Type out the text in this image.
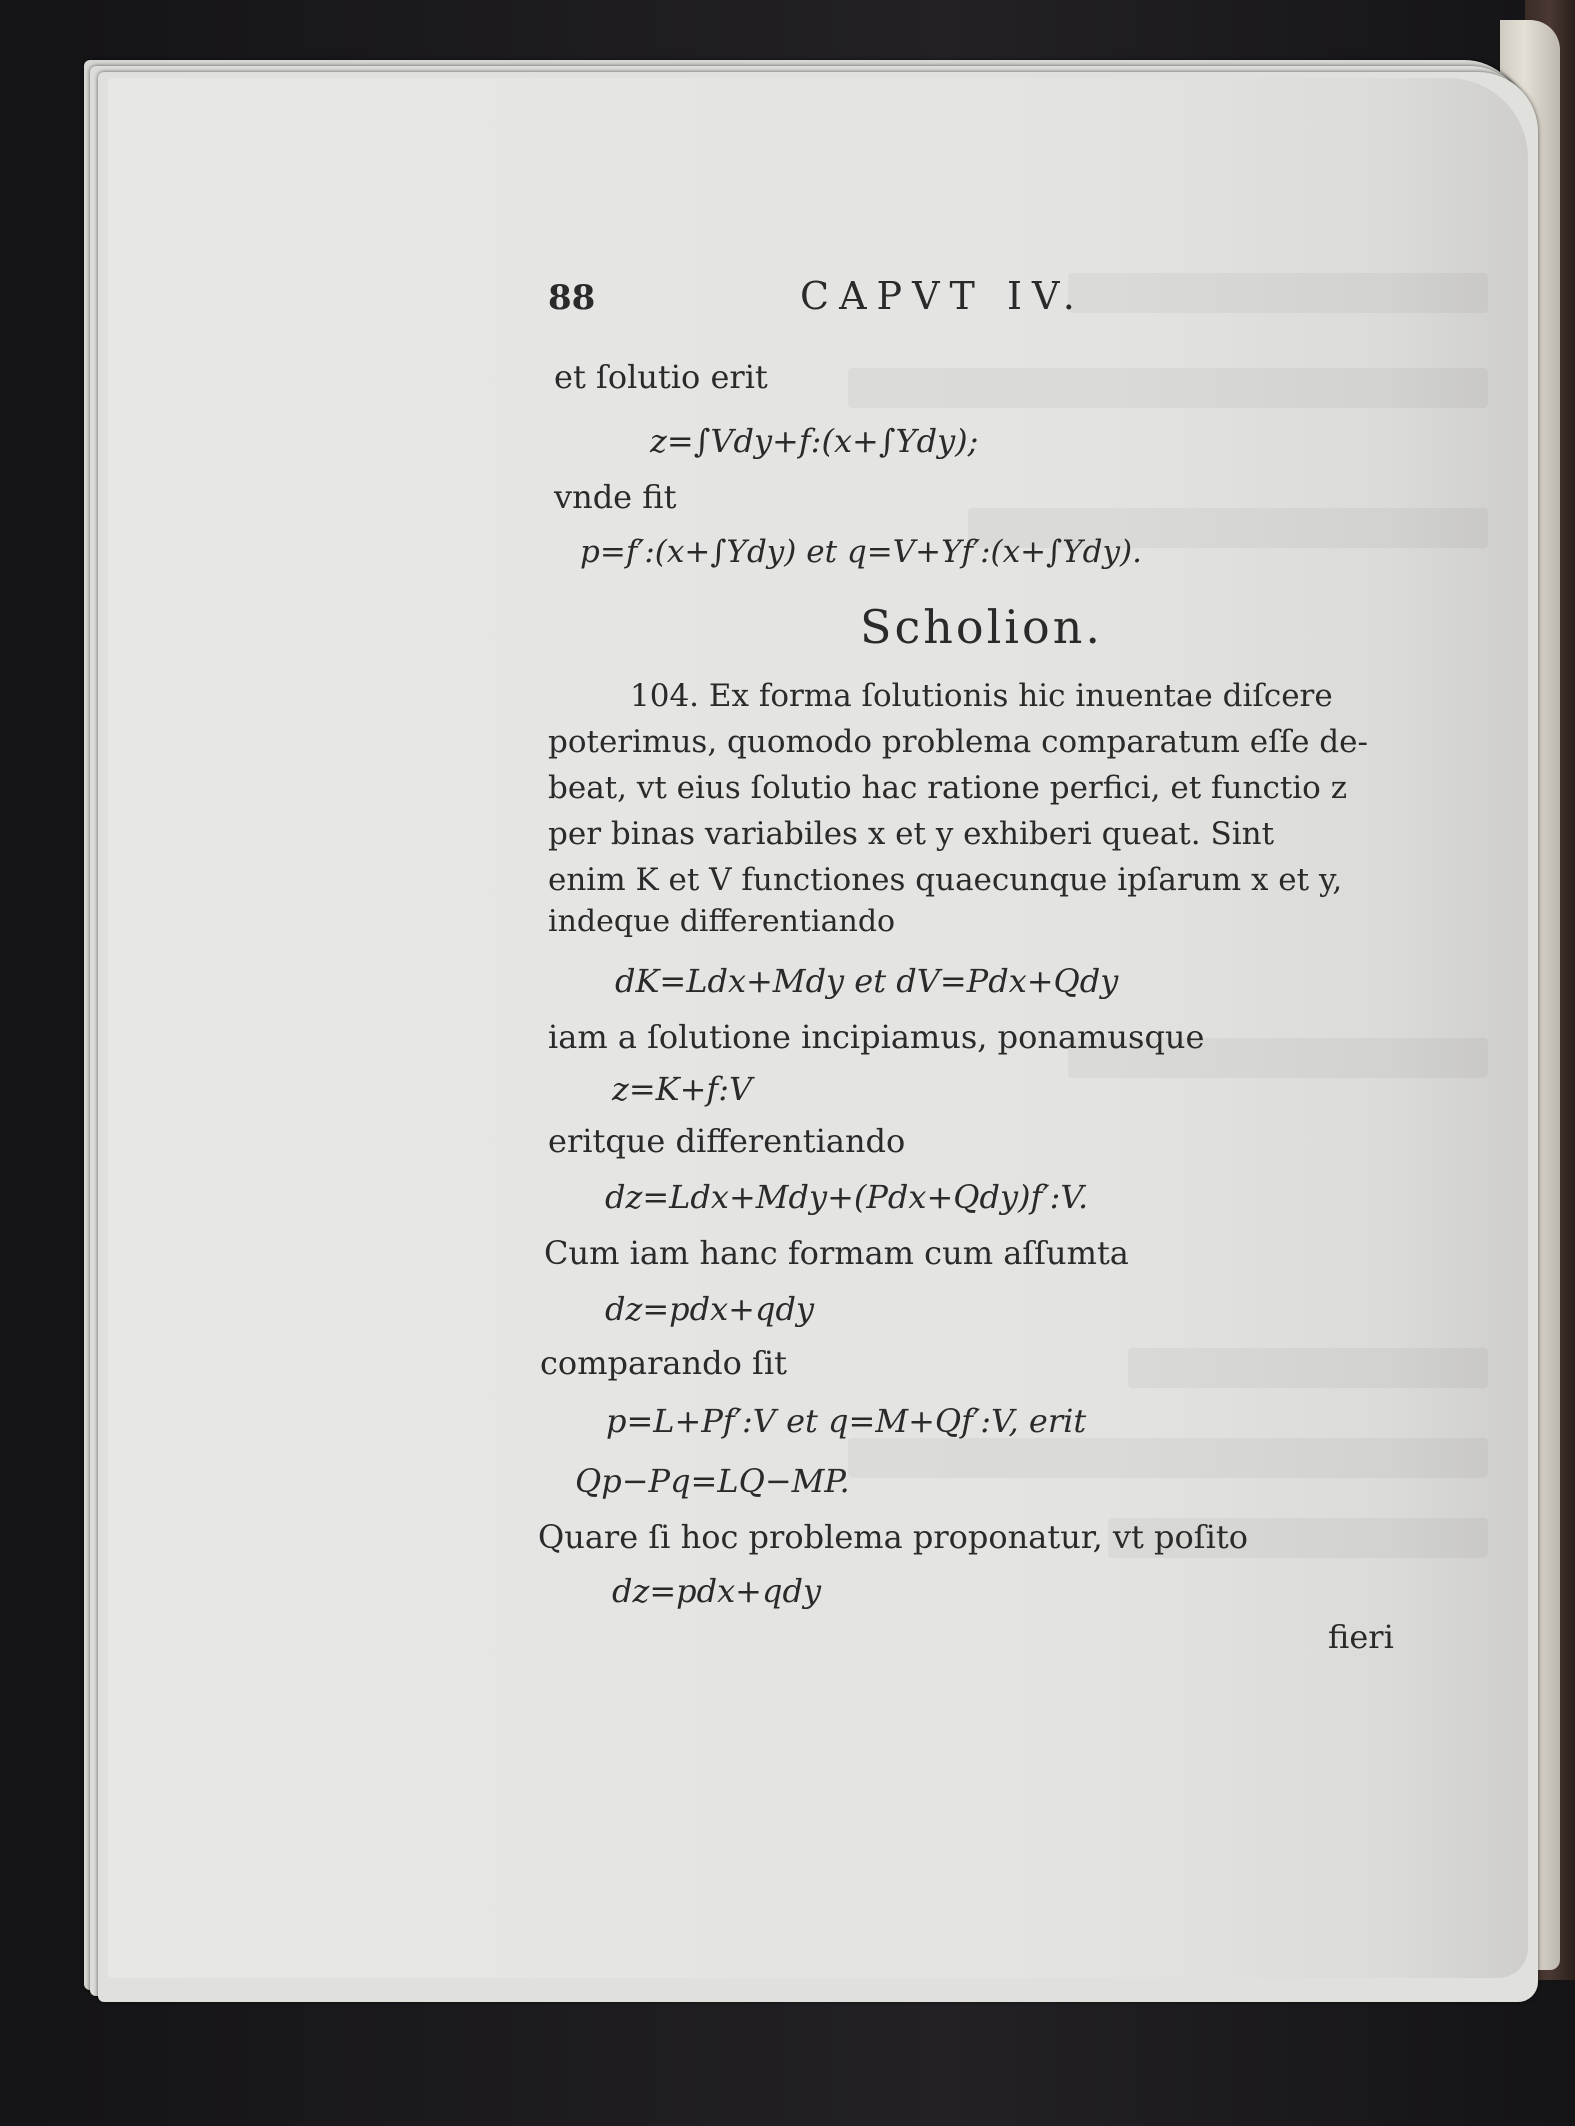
88	CAPVT IV.
et ſolutio erit
z=∫Vdy+f:(x+∫Ydy);
vnde fit
p=f′:(x+∫Ydy) et q=V+Yf′:(x+∫Ydy).
Scholion.
104. Ex forma ſolutionis hic inuentae diſcere
poterimus, quomodo problema comparatum eſſe de-
beat, vt eius ſolutio hac ratione perfici, et functio z
per binas variabiles x et y exhiberi queat. Sint
enim K et V functiones quaecunque ipſarum x et y,
indeque differentiando
dK=Ldx+Mdy et dV=Pdx+Qdy
iam a ſolutione incipiamus, ponamusque
z=K+f:V
eritque differentiando
dz=Ldx+Mdy+(Pdx+Qdy)f′:V.
Cum iam hanc formam cum aſſumta
dz=pdx+qdy
comparando ſit
p=L+Pf′:V et q=M+Qf′:V, erit
Qp−Pq=LQ−MP.
Quare ſi hoc problema proponatur, vt poſito
dz=pdx+qdy
fieri
